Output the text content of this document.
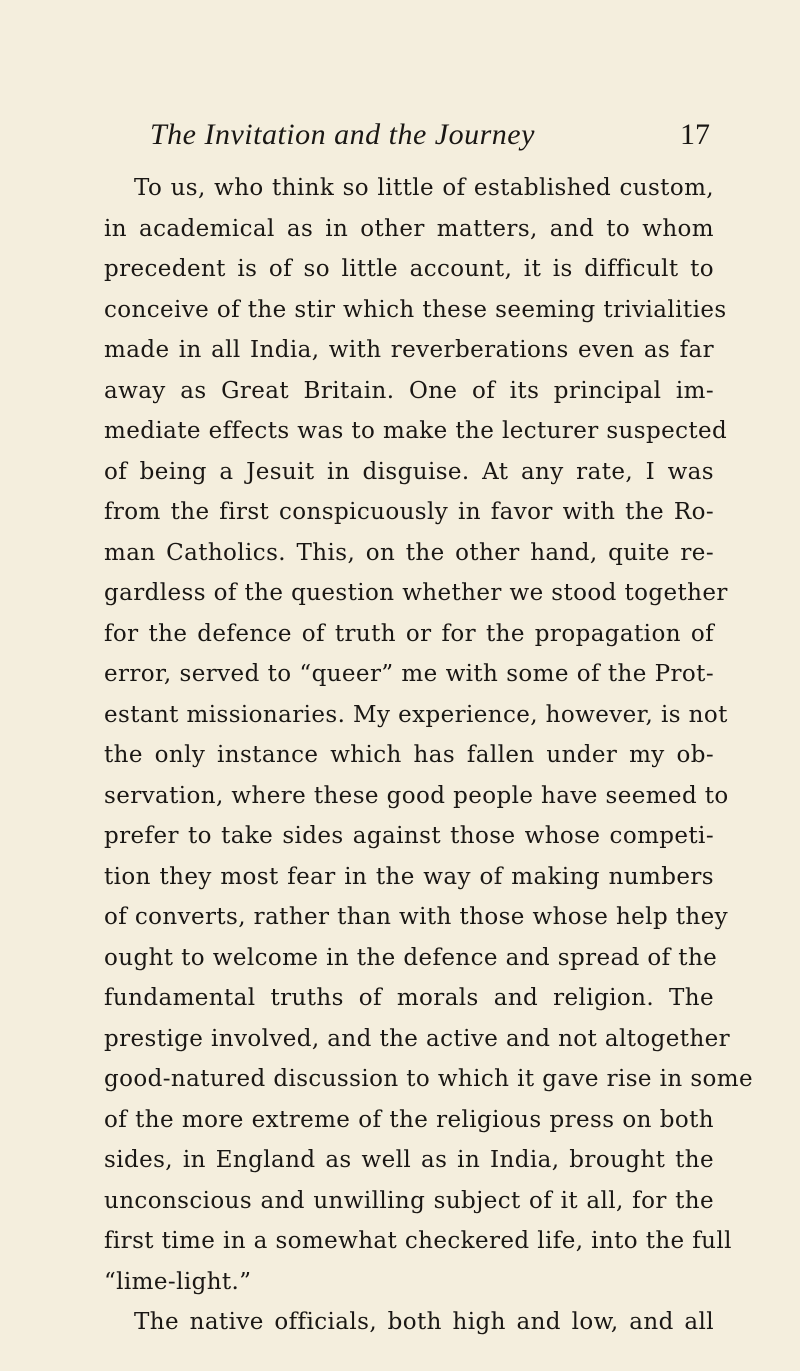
The Invitation and the Journey	17
To us, who think so little of established custom,
in academical as in other matters, and to whom
precedent is of so little account, it is difficult to
conceive of the stir which these seeming trivialities
made in all India, with reverberations even as far
away as Great Britain. One of its principal im-
mediate effects was to make the lecturer suspected
of being a Jesuit in disguise. At any rate, I was
from the first conspicuously in favor with the Ro-
man Catholics. This, on the other hand, quite re-
gardless of the question whether we stood together
for the defence of truth or for the propagation of
error, served to “queer” me with some of the Prot-
estant missionaries. My experience, however, is not
the only instance which has fallen under my ob-
servation, where these good people have seemed to
prefer to take sides against those whose competi-
tion they most fear in the way of making numbers
of converts, rather than with those whose help they
ought to welcome in the defence and spread of the
fundamental truths of morals and religion. The
prestige involved, and the active and not altogether
good-natured discussion to which it gave rise in some
of the more extreme of the religious press on both
sides, in England as well as in India, brought the
unconscious and unwilling subject of it all, for the
first time in a somewhat checkered life, into the full
“lime-light.”
The native officials, both high and low, and all
